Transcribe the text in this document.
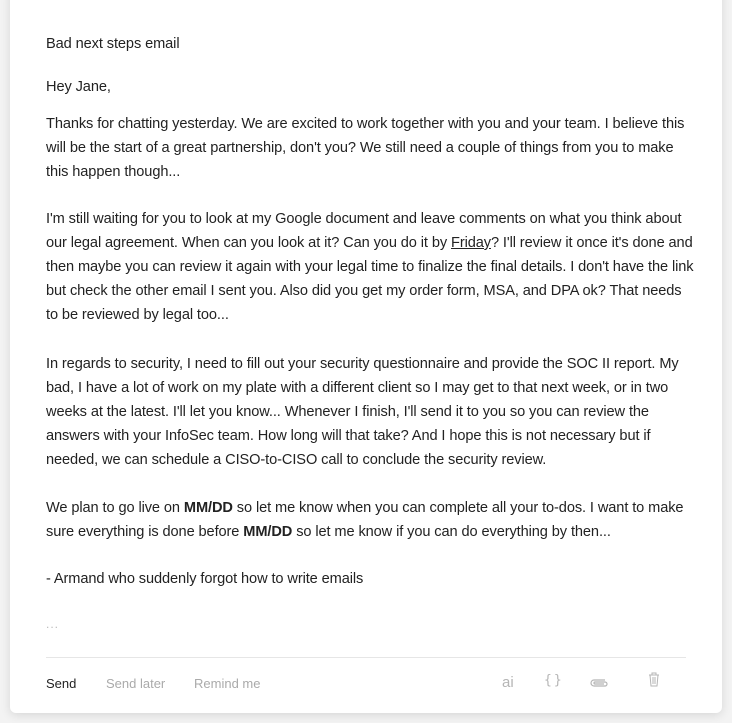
Bad next steps email

Hey Jane,

Thanks for chatting yesterday. We are excited to work together with you and your team. I believe this will be the start of a great partnership, don't you? We still need a couple of things from you to make this happen though...

I'm still waiting for you to look at my Google document and leave comments on what you think about our legal agreement. When can you look at it? Can you do it by Friday? I'll review it once it's done and then maybe you can review it again with your legal time to finalize the final details. I don't have the link but check the other email I sent you. Also did you get my order form, MSA, and DPA ok? That needs to be reviewed by legal too...

In regards to security, I need to fill out your security questionnaire and provide the SOC II report. My bad, I have a lot of work on my plate with a different client so I may get to that next week, or in two weeks at the latest. I'll let you know... Whenever I finish, I'll send it to you so you can review the answers with your InfoSec team. How long will that take? And I hope this is not necessary but if needed, we can schedule a CISO-to-CISO call to conclude the security review.

We plan to go live on MM/DD so let me know when you can complete all your to-dos. I want to make sure everything is done before MM/DD so let me know if you can do everything by then...

- Armand who suddenly forgot how to write emails

...
Send Send later Remind me	ai {}
